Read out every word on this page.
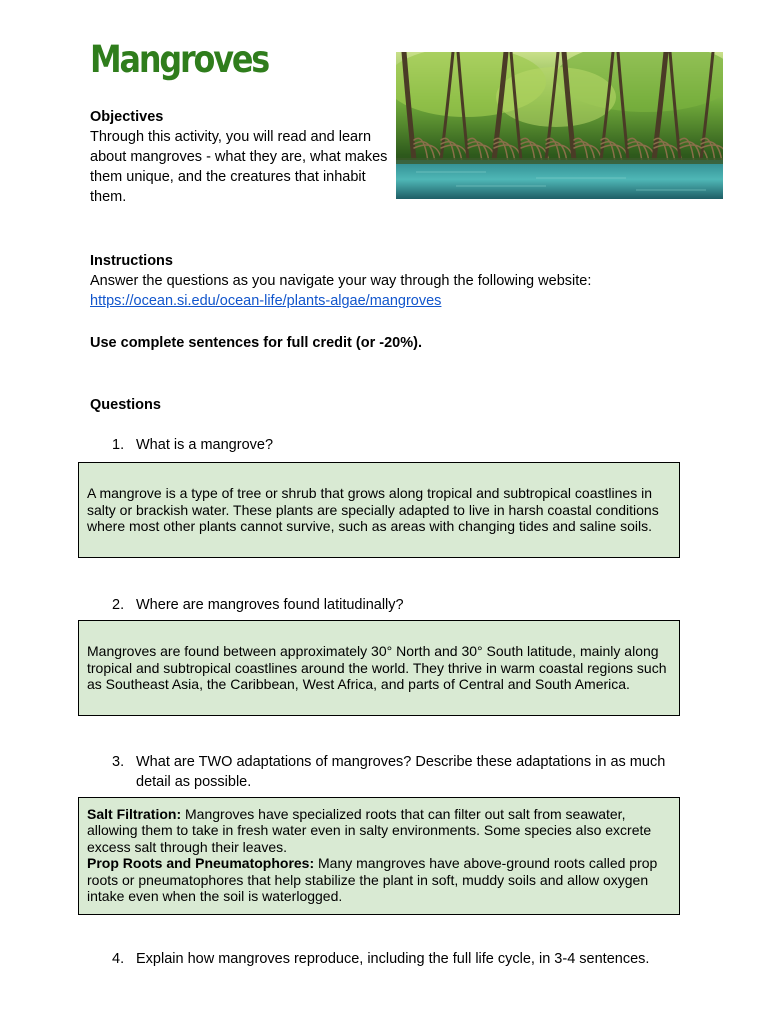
Mangroves
Objectives
Through this activity, you will read and learn about mangroves - what they are, what makes them unique, and the creatures that inhabit them.
Instructions
Answer the questions as you navigate your way through the following website:
https://ocean.si.edu/ocean-life/plants-algae/mangroves
Use complete sentences for full credit (or -20%).
Questions
1. What is a mangrove?
A mangrove is a type of tree or shrub that grows along tropical and subtropical coastlines in salty or brackish water. These plants are specially adapted to live in harsh coastal conditions where most other plants cannot survive, such as areas with changing tides and saline soils.
2. Where are mangroves found latitudinally?
Mangroves are found between approximately 30° North and 30° South latitude, mainly along tropical and subtropical coastlines around the world. They thrive in warm coastal regions such as Southeast Asia, the Caribbean, West Africa, and parts of Central and South America.
3. What are TWO adaptations of mangroves? Describe these adaptations in as much detail as possible.
Salt Filtration: Mangroves have specialized roots that can filter out salt from seawater, allowing them to take in fresh water even in salty environments. Some species also excrete excess salt through their leaves.
Prop Roots and Pneumatophores: Many mangroves have above-ground roots called prop roots or pneumatophores that help stabilize the plant in soft, muddy soils and allow oxygen intake even when the soil is waterlogged.
4. Explain how mangroves reproduce, including the full life cycle, in 3-4 sentences.
